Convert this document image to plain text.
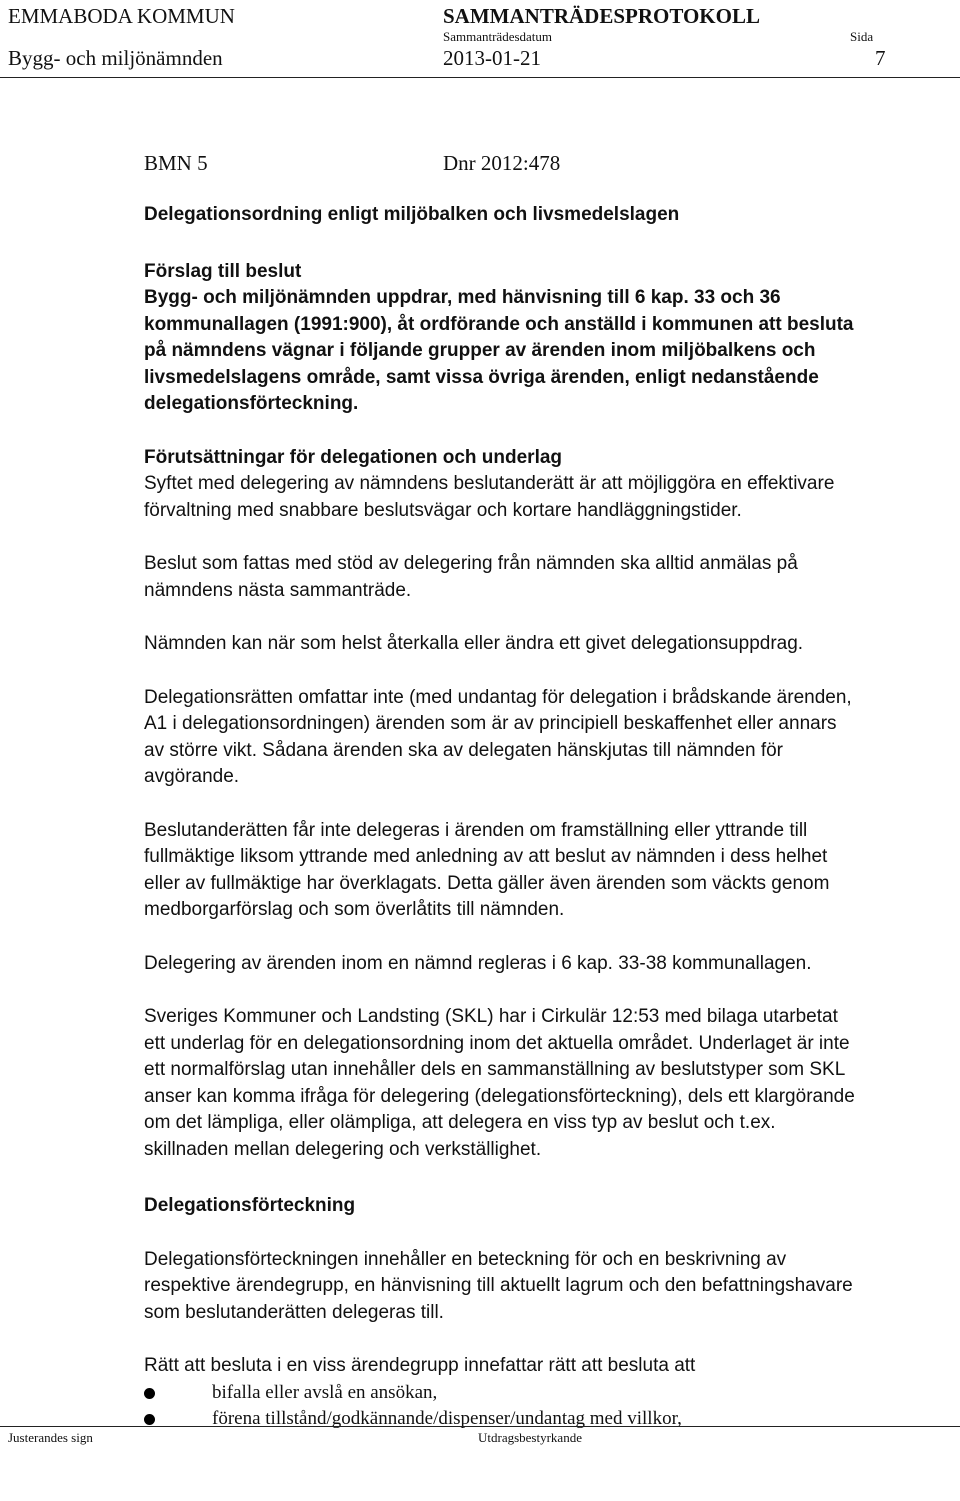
EMMABODA KOMMUN	SAMMANTRÄDESPROTOKOLL
Sammanträdesdatum	Sida
Bygg- och miljönämnden	2013-01-21	7
BMN 5	Dnr 2012:478

Delegationsordning enligt miljöbalken och livsmedelslagen

Förslag till beslut

Bygg- och miljönämnden uppdrar, med hänvisning till 6 kap. 33 och 36
kommunallagen (1991:900), åt ordförande och anställd i kommunen att besluta
på nämndens vägnar i följande grupper av ärenden inom miljöbalkens och
livsmedelslagens område, samt vissa övriga ärenden, enligt nedanstående
delegationsförteckning.

Förutsättningar för delegationen och underlag

Syftet med delegering av nämndens beslutanderätt är att möjliggöra en effektivare
förvaltning med snabbare beslutsvägar och kortare handläggningstider.

Beslut som fattas med stöd av delegering från nämnden ska alltid anmälas på
nämndens nästa sammanträde.

Nämnden kan när som helst återkalla eller ändra ett givet delegationsuppdrag.

Delegationsrätten omfattar inte (med undantag för delegation i brådskande ärenden,
A1 i delegationsordningen) ärenden som är av principiell beskaffenhet eller annars
av större vikt. Sådana ärenden ska av delegaten hänskjutas till nämnden för
avgörande.

Beslutanderätten får inte delegeras i ärenden om framställning eller yttrande till
fullmäktige liksom yttrande med anledning av att beslut av nämnden i dess helhet
eller av fullmäktige har överklagats. Detta gäller även ärenden som väckts genom
medborgarförslag och som överlåtits till nämnden.

Delegering av ärenden inom en nämnd regleras i 6 kap. 33-38 kommunallagen.

Sveriges Kommuner och Landsting (SKL) har i Cirkulär 12:53 med bilaga utarbetat
ett underlag för en delegationsordning inom det aktuella området. Underlaget är inte
ett normalförslag utan innehåller dels en sammanställning av beslutstyper som SKL
anser kan komma ifråga för delegering (delegationsförteckning), dels ett klargörande
om det lämpliga, eller olämpliga, att delegera en viss typ av beslut och t.ex.
skillnaden mellan delegering och verkställighet.

Delegationsförteckning

Delegationsförteckningen innehåller en beteckning för och en beskrivning av
respektive ärendegrupp, en hänvisning till aktuellt lagrum och den befattningshavare
som beslutanderätten delegeras till.

Rätt att besluta i en viss ärendegrupp innefattar rätt att besluta att

bifalla eller avslå en ansökan,
förena tillstånd/godkännande/dispenser/undantag med villkor,
Justerandes sign	Utdragsbestyrkande
